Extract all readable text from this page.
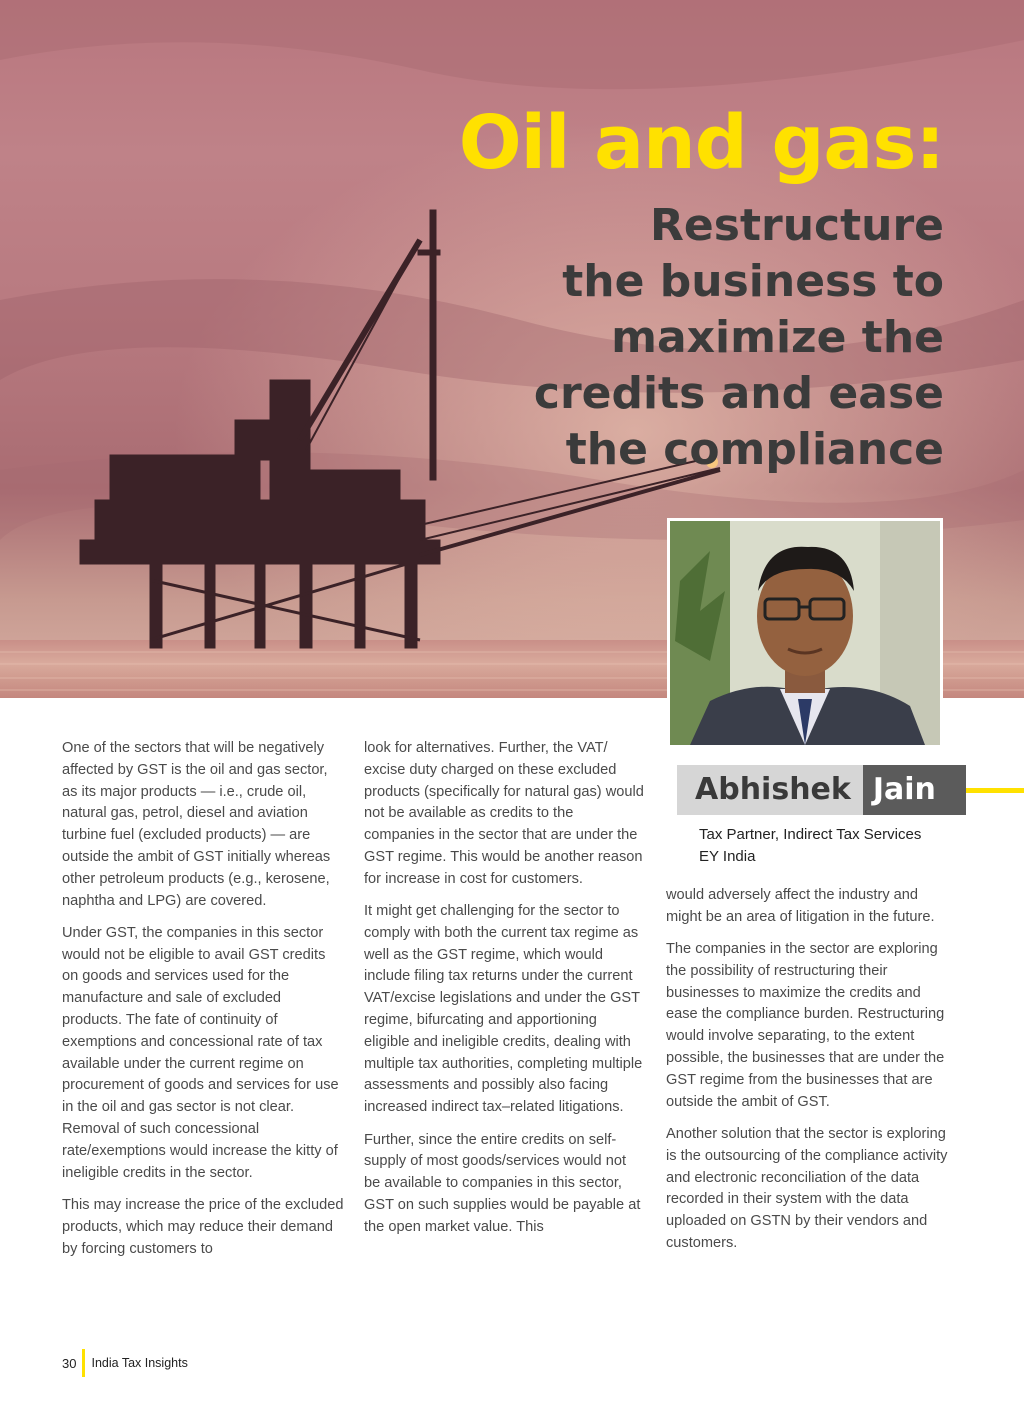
Oil and gas:
Restructure
the business to
maximize the
credits and ease
the compliance
Abhishek Jain
Tax Partner, Indirect Tax Services
EY India

One of the sectors that will be negatively affected by GST is the oil and gas sector, as its major products — i.e., crude oil, natural gas, petrol, diesel and aviation turbine fuel (excluded products) — are outside the ambit of GST initially whereas other petroleum products (e.g., kerosene, naphtha and LPG) are covered.

Under GST, the companies in this sector would not be eligible to avail GST credits on goods and services used for the manufacture and sale of excluded products. The fate of continuity of exemptions and concessional rate of tax available under the current regime on procurement of goods and services for use in the oil and gas sector is not clear. Removal of such concessional rate/exemptions would increase the kitty of ineligible credits in the sector.

This may increase the price of the excluded products, which may reduce their demand by forcing customers to

look for alternatives. Further, the VAT/ excise duty charged on these excluded products (specifically for natural gas) would not be available as credits to the companies in the sector that are under the GST regime. This would be another reason for increase in cost for customers.

It might get challenging for the sector to comply with both the current tax regime as well as the GST regime, which would include filing tax returns under the current VAT/excise legislations and under the GST regime, bifurcating and apportioning eligible and ineligible credits, dealing with multiple tax authorities, completing multiple assessments and possibly also facing increased indirect tax–related litigations.

Further, since the entire credits on self-supply of most goods/services would not be available to companies in this sector, GST on such supplies would be payable at the open market value. This

would adversely affect the industry and might be an area of litigation in the future.

The companies in the sector are exploring the possibility of restructuring their businesses to maximize the credits and ease the compliance burden. Restructuring would involve separating, to the extent possible, the businesses that are under the GST regime from the businesses that are outside the ambit of GST.

Another solution that the sector is exploring is the outsourcing of the compliance activity and electronic reconciliation of the data recorded in their system with the data uploaded on GSTN by their vendors and customers.

30 India Tax Insights
